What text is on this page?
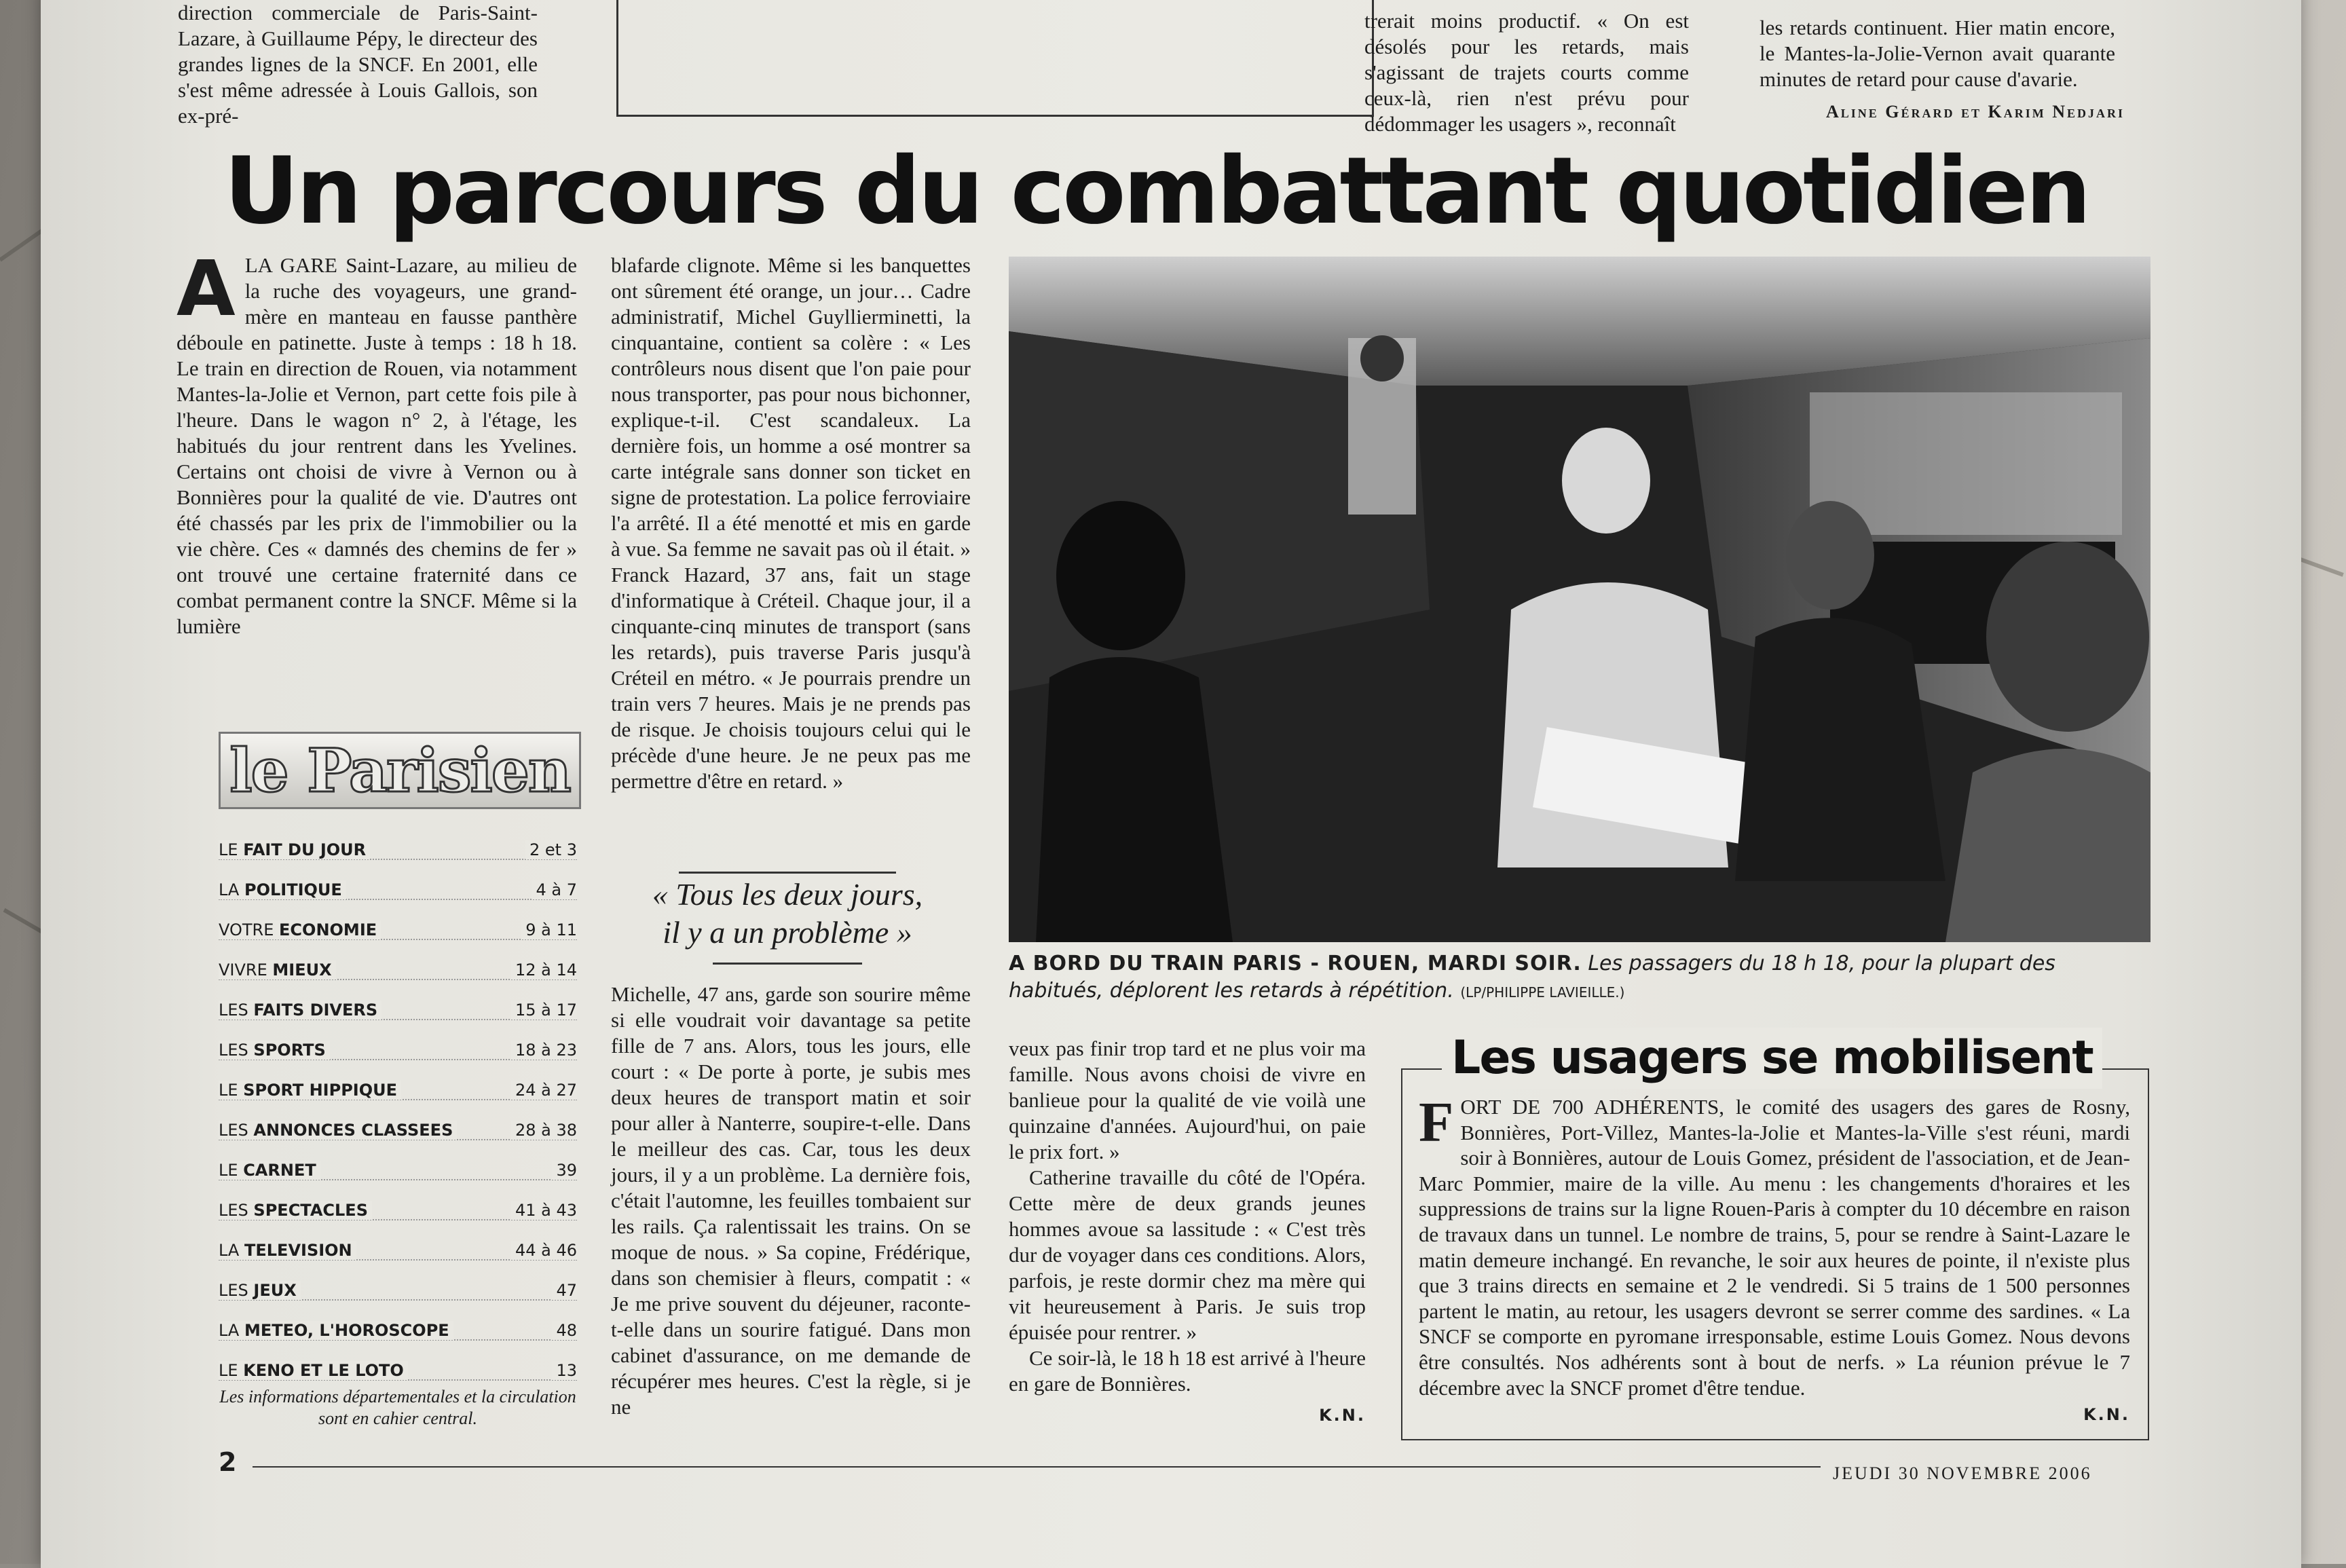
direction commerciale de Paris-Saint-Lazare, à Guillaume Pépy, le directeur des grandes lignes de la SNCF. En 2001, elle s'est même adressée à Louis Gallois, son ex-pré-

trerait moins productif. « On est désolés pour les retards, mais s'agissant de trajets courts comme ceux-là, rien n'est prévu pour dédommager les usagers », reconnaît

les retards continuent. Hier matin encore, le Mantes-la-Jolie-Vernon avait quarante minutes de retard pour cause d'avarie.

Aline Gérard et Karim Nedjari
Un parcours du combattant quotidien
A LA GARE Saint-Lazare, au milieu de la ruche des voyageurs, une grand-mère en manteau en fausse panthère déboule en patinette. Juste à temps : 18 h 18. Le train en direction de Rouen, via notamment Mantes-la-Jolie et Vernon, part cette fois pile à l'heure. Dans le wagon n° 2, à l'étage, les habitués du jour rentrent dans les Yvelines. Certains ont choisi de vivre à Vernon ou à Bonnières pour la qualité de vie. D'autres ont été chassés par les prix de l'immobilier ou la vie chère. Ces « damnés des chemins de fer » ont trouvé une certaine fraternité dans ce combat permanent contre la SNCF. Même si la lumière

le Parisien
LE FAIT DU JOUR	2 et 3
LA POLITIQUE	4 à 7
VOTRE ECONOMIE	9 à 11
VIVRE MIEUX	12 à 14
LES FAITS DIVERS	15 à 17
LES SPORTS	18 à 23
LE SPORT HIPPIQUE	24 à 27
LES ANNONCES CLASSEES	28 à 38
LE CARNET	39
LES SPECTACLES	41 à 43
LA TELEVISION	44 à 46
LES JEUX	47
LA METEO, L'HOROSCOPE	48
LE KENO ET LE LOTO	13
Les informations départementales et la circulation sont en cahier central.

blafarde clignote. Même si les banquettes ont sûrement été orange, un jour… Cadre administratif, Michel Guyllierminetti, la cinquantaine, contient sa colère : « Les contrôleurs nous disent que l'on paie pour nous transporter, pas pour nous bichonner, explique-t-il. C'est scandaleux. La dernière fois, un homme a osé montrer sa carte intégrale sans donner son ticket en signe de protestation. La police ferroviaire l'a arrêté. Il a été menotté et mis en garde à vue. Sa femme ne savait pas où il était. » Franck Hazard, 37 ans, fait un stage d'informatique à Créteil. Chaque jour, il a cinquante-cinq minutes de transport (sans les retards), puis traverse Paris jusqu'à Créteil en métro. « Je pourrais prendre un train vers 7 heures. Mais je ne prends pas de risque. Je choisis toujours celui qui le précède d'une heure. Je ne peux pas me permettre d'être en retard. »

« Tous les deux jours,
il y a un problème »

Michelle, 47 ans, garde son sourire même si elle voudrait voir davantage sa petite fille de 7 ans. Alors, tous les jours, elle court : « De porte à porte, je subis mes deux heures de transport matin et soir pour aller à Nanterre, soupire-t-elle. Dans le meilleur des cas. Car, tous les deux jours, il y a un problème. La dernière fois, c'était l'automne, les feuilles tombaient sur les rails. Ça ralentissait les trains. On se moque de nous. » Sa copine, Frédérique, dans son chemisier à fleurs, compatit : « Je me prive souvent du déjeuner, raconte-t-elle dans un sourire fatigué. Dans mon cabinet d'assurance, on me demande de récupérer mes heures. C'est la règle, si je ne

A BORD DU TRAIN PARIS - ROUEN, MARDI SOIR. Les passagers du 18 h 18, pour la plupart des habitués, déplorent les retards à répétition. (LP/PHILIPPE LAVIEILLE.)

veux pas finir trop tard et ne plus voir ma famille. Nous avons choisi de vivre en banlieue pour la qualité de vie voilà une quinzaine d'années. Aujourd'hui, on paie le prix fort. »

Catherine travaille du côté de l'Opéra. Cette mère de deux grands jeunes hommes avoue sa lassitude : « C'est très dur de voyager dans ces conditions. Alors, parfois, je reste dormir chez ma mère qui vit heureusement à Paris. Je suis trop épuisée pour rentrer. »

Ce soir-là, le 18 h 18 est arrivé à l'heure en gare de Bonnières.

K.N.
Les usagers se mobilisent
F ORT DE 700 ADHÉRENTS, le comité des usagers des gares de Rosny, Bonnières, Port-Villez, Mantes-la-Jolie et Mantes-la-Ville s'est réuni, mardi soir à Bonnières, autour de Louis Gomez, président de l'association, et de Jean-Marc Pommier, maire de la ville. Au menu : les changements d'horaires et les suppressions de trains sur la ligne Rouen-Paris à compter du 10 décembre en raison de travaux dans un tunnel. Le nombre de trains, 5, pour se rendre à Saint-Lazare le matin demeure inchangé. En revanche, le soir aux heures de pointe, il n'existe plus que 3 trains directs en semaine et 2 le vendredi. Si 5 trains de 1 500 personnes partent le matin, au retour, les usagers devront se serrer comme des sardines. « La SNCF se comporte en pyromane irresponsable, estime Louis Gomez. Nous devons être consultés. Nos adhérents sont à bout de nerfs. » La réunion prévue le 7 décembre avec la SNCF promet d'être tendue.

K.N.
2	JEUDI 30 NOVEMBRE 2006
